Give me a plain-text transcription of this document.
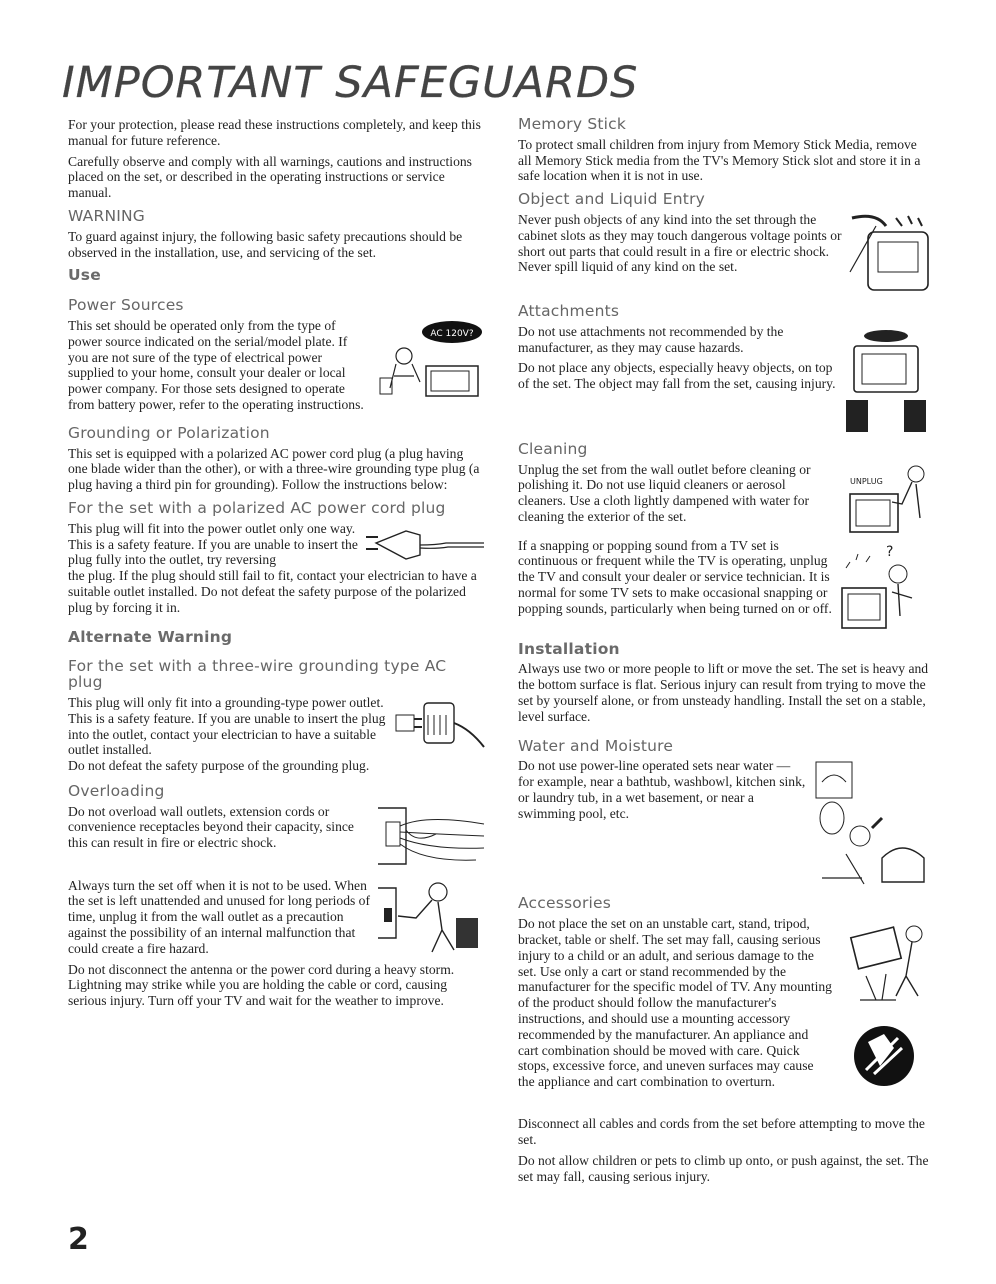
IMPORTANT SAFEGUARDS

For your protection, please read these instructions completely, and keep this manual for future reference.

Carefully observe and comply with all warnings, cautions and instructions placed on the set, or described in the operating instructions or service manual.

WARNING

To guard against injury, the following basic safety precautions should be observed in the installation, use, and servicing of the set.

Use
Power Sources

This set should be operated only from the type of power source indicated on the serial/model plate. If you are not sure of the type of electrical power supplied to your home, consult your dealer or local power company. For those sets designed to operate from battery power, refer to the operating instructions.

AC 120V?
Grounding or Polarization

This set is equipped with a polarized AC power cord plug (a plug having one blade wider than the other), or with a three-wire grounding type plug (a plug having a third pin for grounding). Follow the instructions below:

For the set with a polarized AC power cord plug

This plug will fit into the power outlet only one way. This is a safety feature. If you are unable to insert the plug fully into the outlet, try reversing

the plug. If the plug should still fail to fit, contact your electrician to have a suitable outlet installed. Do not defeat the safety purpose of the polarized plug by forcing it in.

Alternate Warning
For the set with a three-wire grounding type AC plug

This plug will only fit into a grounding-type power outlet. This is a safety feature. If you are unable to insert the plug into the outlet, contact your electrician to have a suitable outlet installed.

Do not defeat the safety purpose of the grounding plug.

Overloading

Do not overload wall outlets, extension cords or convenience receptacles beyond their capacity, since this can result in fire or electric shock.

Always turn the set off when it is not to be used. When the set is left unattended and unused for long periods of time, unplug it from the wall outlet as a precaution against the possibility of an internal malfunction that could create a fire hazard.

Do not disconnect the antenna or the power cord during a heavy storm. Lightning may strike while you are holding the cable or cord, causing serious injury. Turn off your TV and wait for the weather to improve.

Memory Stick

To protect small children from injury from Memory Stick Media, remove all Memory Stick media from the TV's Memory Stick slot and store it in a safe location when it is not in use.

Object and Liquid Entry

Never push objects of any kind into the set through the cabinet slots as they may touch dangerous voltage points or short out parts that could result in a fire or electric shock. Never spill liquid of any kind on the set.

Attachments

Do not use attachments not recommended by the manufacturer, as they may cause hazards.

Do not place any objects, especially heavy objects, on top of the set. The object may fall from the set, causing injury.

Cleaning

Unplug the set from the wall outlet before cleaning or polishing it. Do not use liquid cleaners or aerosol cleaners. Use a cloth lightly dampened with water for cleaning the exterior of the set.

UNPLUG

If a snapping or popping sound from a TV set is continuous or frequent while the TV is operating, unplug the TV and consult your dealer or service technician. It is normal for some TV sets to make occasional snapping or popping sounds, particularly when being turned on or off.

?
Installation

Always use two or more people to lift or move the set. The set is heavy and the bottom surface is flat. Serious injury can result from trying to move the set by yourself alone, or from unsteady handling. Install the set on a stable, level surface.

Water and Moisture

Do not use power-line operated sets near water — for example, near a bathtub, washbowl, kitchen sink, or laundry tub, in a wet basement, or near a swimming pool, etc.

Accessories

Do not place the set on an unstable cart, stand, tripod, bracket, table or shelf. The set may fall, causing serious injury to a child or an adult, and serious damage to the set. Use only a cart or stand recommended by the manufacturer for the specific model of TV. Any mounting of the product should follow the manufacturer's instructions, and should use a mounting accessory recommended by the manufacturer. An appliance and cart combination should be moved with care. Quick stops, excessive force, and uneven surfaces may cause the appliance and cart combination to overturn.

Disconnect all cables and cords from the set before attempting to move the set.

Do not allow children or pets to climb up onto, or push against, the set. The set may fall, causing serious injury.

2
